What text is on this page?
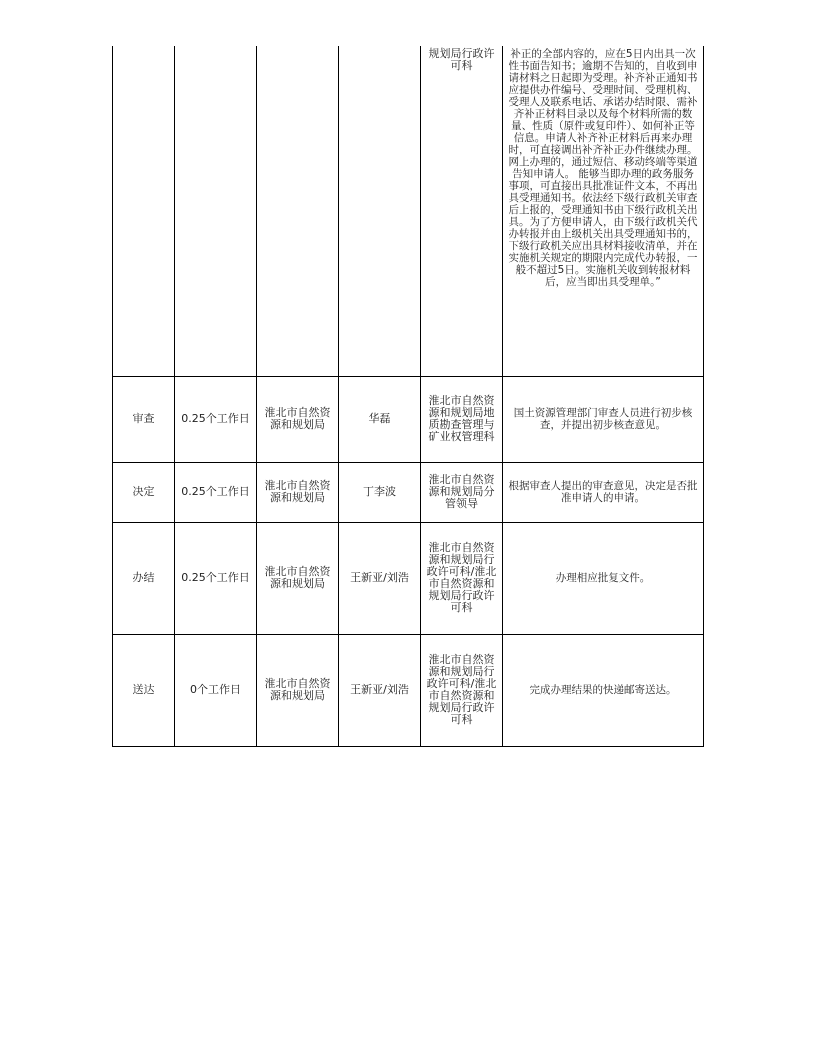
				规划局行政许可科	补正的全部内容的，应在5日内出具一次性书面告知书；逾期不告知的，自收到申请材料之日起即为受理。补齐补正通知书应提供办件编号、受理时间、受理机构、受理人及联系电话、承诺办结时限、需补齐补正材料目录以及每个材料所需的数量、性质（原件或复印件）、如何补正等信息。申请人补齐补正材料后再来办理时，可直接调出补齐补正办件继续办理。 网上办理的，通过短信、移动终端等渠道告知申请人。 能够当即办理的政务服务事项，可直接出具批准证件文本，不再出具受理通知书。依法经下级行政机关审查后上报的，受理通知书由下级行政机关出具。为了方便申请人，由下级行政机关代办转报并由上级机关出具受理通知书的，下级行政机关应出具材料接收清单，并在实施机关规定的期限内完成代办转报，一般不超过5日。实施机关收到转报材料后，应当即出具受理单。”
审查	0.25个工作日	淮北市自然资源和规划局	华磊	淮北市自然资源和规划局地质勘查管理与矿业权管理科	国土资源管理部门审查人员进行初步核查，并提出初步核查意见。
决定	0.25个工作日	淮北市自然资源和规划局	丁李波	淮北市自然资源和规划局分管领导	根据审查人提出的审查意见，决定是否批准申请人的申请。
办结	0.25个工作日	淮北市自然资源和规划局	王新亚/刘浩	淮北市自然资源和规划局行政许可科/淮北市自然资源和规划局行政许可科	办理相应批复文件。
送达	0个工作日	淮北市自然资源和规划局	王新亚/刘浩	淮北市自然资源和规划局行政许可科/淮北市自然资源和规划局行政许可科	完成办理结果的快递邮寄送达。
